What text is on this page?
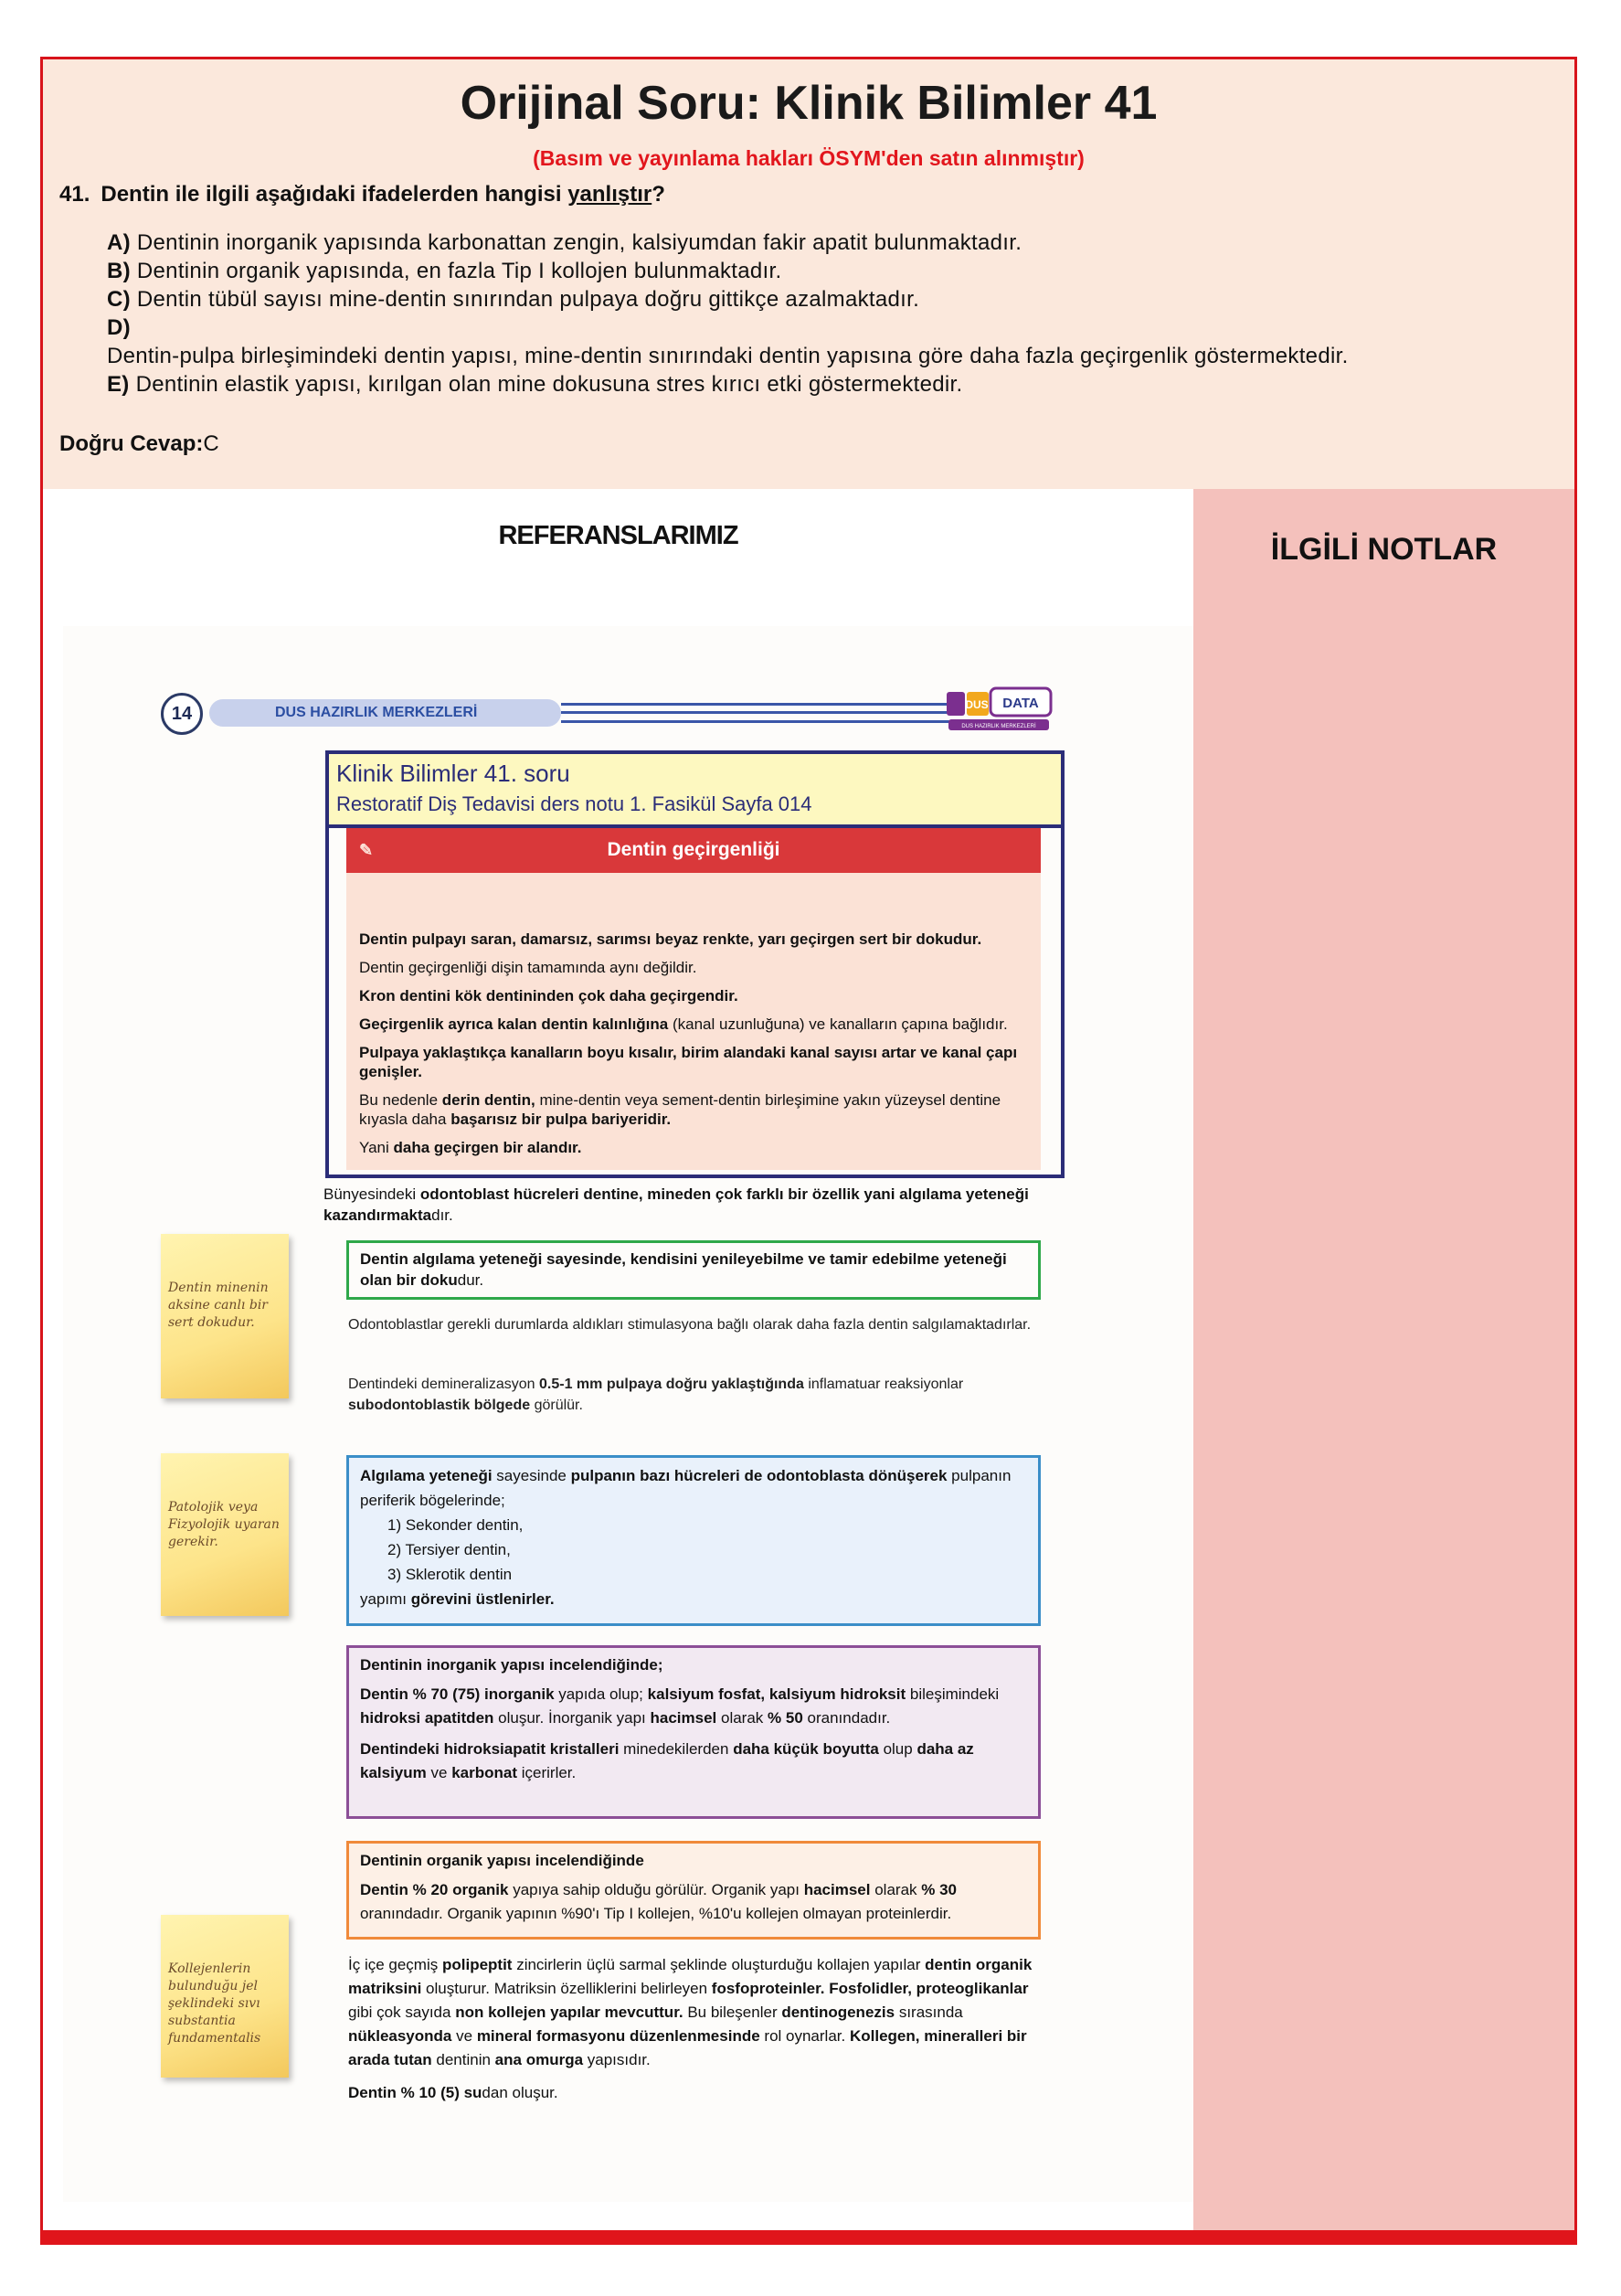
Orijinal Soru: Klinik Bilimler 41
(Basım ve yayınlama hakları ÖSYM'den satın alınmıştır)
41. Dentin ile ilgili aşağıdaki ifadelerden hangisi yanlıştır?
A) Dentinin inorganik yapısında karbonattan zengin, kalsiyumdan fakir apatit bulunmaktadır.
B) Dentinin organik yapısında, en fazla Tip I kollojen bulunmaktadır.
C) Dentin tübül sayısı mine-dentin sınırından pulpaya doğru gittikçe azalmaktadır.
D)
Dentin-pulpa birleşimindeki dentin yapısı, mine-dentin sınırındaki dentin yapısına göre daha fazla geçirgenlik göstermektedir.
E) Dentinin elastik yapısı, kırılgan olan mine dokusuna stres kırıcı etki göstermektedir.
Doğru Cevap:C
REFERANSLARIMIZ
14	DUS HAZIRLIK MERKEZLERİ
DATA
DUS
DUS HAZIRLIK MERKEZLERİ
✎	Dentin geçirgenliği
Dentin pulpayı saran, damarsız, sarımsı beyaz renkte, yarı geçirgen sert bir dokudur.
Dentin geçirgenliği dişin tamamında aynı değildir.
Kron dentini kök dentininden çok daha geçirgendir.
Geçirgenlik ayrıca kalan dentin kalınlığına (kanal uzunluğuna) ve kanalların çapına bağlıdır.
Pulpaya yaklaştıkça kanalların boyu kısalır, birim alandaki kanal sayısı artar ve kanal çapı genişler.
Bu nedenle derin dentin, mine-dentin veya sement-dentin birleşimine yakın yüzeysel dentine kıyasla daha başarısız bir pulpa bariyeridir.
Yani daha geçirgen bir alandır.
Klinik Bilimler 41. soru
Restoratif Diş Tedavisi ders notu 1. Fasikül Sayfa 014
Bünyesindeki odontoblast hücreleri dentine, mineden çok farklı bir özellik yani algılama yeteneği kazandırmaktadır.
Dentin algılama yeteneği sayesinde, kendisini yenileyebilme ve tamir edebilme yeteneği olan bir dokudur.
Odontoblastlar gerekli durumlarda aldıkları stimulasyona bağlı olarak daha fazla dentin salgılamaktadırlar.
Dentindeki demineralizasyon 0.5-1 mm pulpaya doğru yaklaştığında inflamatuar reaksiyonlar subodontoblastik bölgede görülür.
Algılama yeteneği sayesinde pulpanın bazı hücreleri de odontoblasta dönüşerek pulpanın periferik bögelerinde;
1) Sekonder dentin,
2) Tersiyer dentin,
3) Sklerotik dentin
yapımı görevini üstlenirler.
Dentinin inorganik yapısı incelendiğinde;
Dentin % 70 (75) inorganik yapıda olup; kalsiyum fosfat, kalsiyum hidroksit bileşimindeki hidroksi apatitden oluşur. İnorganik yapı hacimsel olarak % 50 oranındadır.
Dentindeki hidroksiapatit kristalleri minedekilerden daha küçük boyutta olup daha az kalsiyum ve karbonat içerirler.
Dentinin organik yapısı incelendiğinde
Dentin % 20 organik yapıya sahip olduğu görülür. Organik yapı hacimsel olarak % 30 oranındadır. Organik yapının %90'ı Tip I kollejen, %10'u kollejen olmayan proteinlerdir.
İç içe geçmiş polipeptit zincirlerin üçlü sarmal şeklinde oluşturduğu kollajen yapılar dentin organik matriksini oluşturur. Matriksin özelliklerini belirleyen fosfoproteinler. Fosfolidler, proteoglikanlar gibi çok sayıda non kollejen yapılar mevcuttur. Bu bileşenler dentinogenezis sırasında nükleasyonda ve mineral formasyonu düzenlenmesinde rol oynarlar. Kollegen, mineralleri bir arada tutan dentinin ana omurga yapısıdır.
Dentin % 10 (5) sudan oluşur.
Dentin minenin aksine canlı bir sert dokudur.
Patolojik veya Fizyolojik uyaran gerekir.
Kollejenlerin bulunduğu jel şeklindeki sıvı substantia fundamentalis
İLGİLİ NOTLAR
